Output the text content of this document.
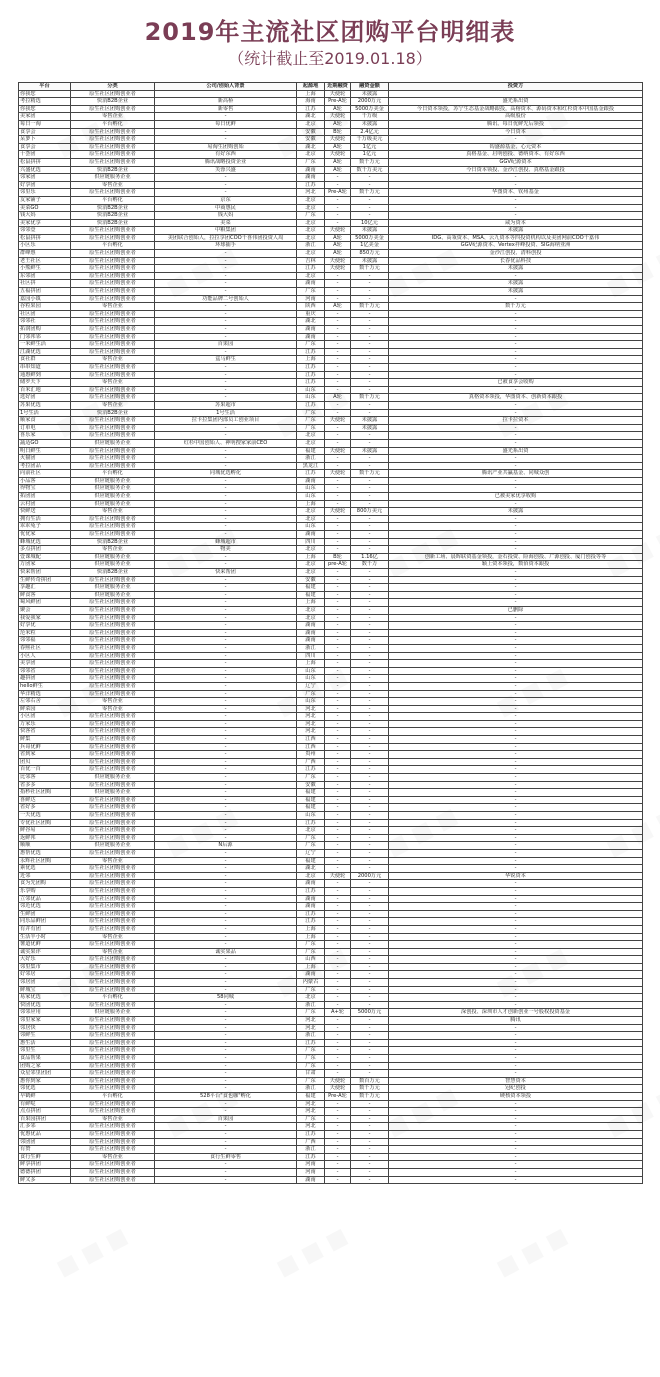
2019年主流社区团购平台明细表
（统计截止至2019.01.18）
平台	分类	公司/创始人背景	起源地	近期融资	融资金额	投资方
你我您	原生社区团购创业者		上海	天使轮	未披露	
考拉精选	快消B2B企业	新高桥	海南	Pre-A轮	2000万元	盛光系出资
你我您	原生社区团购创业者	新零售	江苏	A轮	5000万美金	今日资本领投，苏宁生态基金战略跟投，高榕资本、源码资本和红杉资本中国基金跟投
美家团	零售企业	-	湖北	天使轮	千万级	高级股份
每日一淘	平台孵化	每日优鲜	北京	A轮	未披露	腾讯、每日优鲜先后领投
食享会	原生社区团购创业者	-	安徽	B轮	2.4亿元	今日资本
呆萝卜	原生社区团购创业者	-	安徽	天使轮	千万级美元	-
食享会	原生社区团购创业者	易淘生团购创始	湖北	A轮	1亿元	钩盛源基金、心元资本
十荟团	原生社区团购创业者	有好东西	北京	天使轮	1亿元	真格基金、启明创投、德纳资本、有好东西
松鼠拼拼	原生社区团购创业者	腾讯战略投资企业	广东	A轮	数千万元	GGV纪源资本
兴盛优选	快消B2B企业	芙蓉兴盛	湖南	A轮	数千万美元	今日资本领投、金沙江创投、真格基金跟投
邻家团	供应链服务企业	-	湖南	-	-	-
好享团	零售企业	-	江苏	-	-	-
邻里乐	原生社区团购创业者	-	河北	Pre-A轮	数千万元	华图资本、钦州基金
友家铺子	平台孵化	京东	北京	-	-	-
美菜GO	快消B2B企业	中商惠民	北京	-	-	-
钱大妈	快消B2B企业	钱大妈	广东	-	-	-
美家优享	快消B2B企业	美菜	北京	-	10亿元	咸为资本
邻邻壹	原生社区团购创业者	中粮集团	北京	天使轮	未披露	未披露
松鼠拼拼	原生社区团购创业者	美团联合创始人，拉拉享团COO千喜伟团投资人周	北京	A轮	5000万美金	IDG、高瓴资本、MSA、云九资本等四投资机构以及美团网前COO干嘉伟
小区乐	平台孵化	环球捕手	浙江	A轮	1亿美金	GGV纪源资本、Vertex祥峰投资、SIG海纳亚洲
群峰惠	原生社区团购创业者	-	北京	A轮	850万元	金沙江创投、清科创投
老王社区	原生社区团购创业者	-	吉林	天使轮	未披露	长春优品科技
小熊鲜生	原生社区团购创业者	-	江苏	天使轮	数千万元	未披露
东邻团	原生社区团购创业者	-	北京	-	-	-
社区拼	原生社区团购创业者	-	湖南	-	-	未披露
五福拼团	原生社区团购创业者	-	广东	-	-	未披露
嘉园小镇	原生社区团购创业者	功能品牌二号创始人	河南	-	-	-
谷粒果园	零售企业	-	陕西	A轮	数千万元	数千万元
社区团	原生社区团购创业者	-	重庆	-	-	-
邻邻社	原生社区团购创业者	-	湖北	-	-	-
拓润团购	原生社区团购创业者	-	湖南	-	-	-
门邻邦邻	原生社区团购创业者	-	湖南	-	-	-
一米鲜生活	原生社区团购创业者	百果园	广东	-	-	-
江湖优选	原生社区团购创业者	-	江苏	-	-	-
食社群	零售企业	盒马鲜生	上海	-	-	-
串串知道	原生社区团购创业者	-	江苏	-	-	-
通惠鲜到	原生社区团购创业者	-	江苏	-	-	-
储罗天下	零售企业	-	江苏	-	-	已被食享会收购
百米汇地	原生社区团购创业者	-	山东	-	-	-
选好团	原生社区团购创业者	-	山东	A轮	数千万元	真格资本领投，华图资本、创新资本跟投
苏果优选	零售企业	苏果超市	江苏	-	-	-
1号生活	快消B2B企业	1号生活	广东	-	-	-
顺家食	原生社区团购创业者	拉卡拉集团内部员工创业项目	广东	天使轮	未披露	拉卡拉资本
订单电	原生社区团购创业者	-	广东	-	未披露	-
喜乐家	原生社区团购创业者	-	北京	-	-	-
蔬适GO	供应链服务企业	红杉中国创始人、神明搜家家前CEO	北京	-	-	-
明日鲜生	原生社区团购创业者	-	福建	天使轮	未披露	盛光系出资
火猫团	原生社区团购创业者	-	浙江	-	-	-
考拉团品	原生社区团购创业者	-	黑龙江	-	-	-
向前社区	平台孵化	同城优选孵化	江苏	天使轮	数千万元	腾讯产业共赢基金、同城众创
小品客	供应链服务企业	-	湖南	-	-	-
得物宝	供应链服务企业	-	山东	-	-	-
拓团团	供应链服务企业	-	山东	-	-	已被美家优享收购
云村团	供应链服务企业	-	上海	-	-	-
快鲜送	零售企业	-	北京	天使轮	800万美元	未披露
拥有生活	原生社区团购创业者	-	北京	-	-	-
乖乖兔子	原生社区团购创业者	-	山东	-	-	-
优优家	原生社区团购创业者	-	湖南	-	-	-
蜂城优选	快消B2B企业	蜂城超市	四川	-	-	-
多点拼团	零售企业	物美	北京	-	-	-
壹课城配	供应链服务企业	-	上海	B轮	1.16亿	创新工场、晨晖联资基金领投，金石投资、险海创投、广源创投、厦门创投等等
万团家	供应链服务企业	-	北京	pre-A轮	数千万	颖上资本领投，数佰资本跟投
快来帮团	快消B2B企业	快来帮团	北京	-	-	-
生鲜传奇拼团	原生社区团购创业者	-	安徽	-	-	-
享趣汇	供应链服务企业	-	福建	-	-	-
鲜食客	供应链服务企业	-	福建	-	-	-
蜀风鲜团	原生社区团购创业者	-	上海	-	-	-
聚会	原生社区团购创业者	-	北京	-	-	已删除
我爱我家	原生社区团购创业者	-	北京	-	-	-
好享优	原生社区团购创业者	-	湖南	-	-	-
范米粒	原生社区团购创业者	-	湖南	-	-	-
邻邻福	原生社区团购创业者	-	湖南	-	-	-
春熙社区	原生社区团购创业者	-	浙江	-	-	-
小区人	原生社区团购创业者	-	四川	-	-	-
美享团	原生社区团购创业者	-	上海	-	-	-
邻邻省	原生社区团购创业者	-	山东	-	-	-
趣拼团	原生社区团购创业者	-	山东	-	-	-
hello鲜生	原生社区团购创业者	-	辽宁	-	-	-
华洋精选	原生社区团购创业者	-	广东	-	-	-
左邻右舍	零售企业	-	山东	-	-	-
鲜菜园	零售企业	-	河北	-	-	-
小区团	原生社区团购创业者	-	河北	-	-	-
万家乐	原生社区团购创业者	-	河北	-	-	-
快客省	原生社区团购创业者	-	河北	-	-	-
鲜集	原生社区团购创业者	-	江西	-	-	-
兵哥优鲜	原生社区团购创业者	-	江西	-	-	-
省到家	原生社区团购创业者	-	贵州	-	-	-
团贝	原生社区团购创业者	-	广西	-	-	-
百优一百	原生社区团购创业者	-	江苏	-	-	-
比邻客	供应链服务企业	-	广东	-	-	-
省多多	原生社区团购创业者	-	安徽	-	-	-
指秒社区团购	供应链服务企业	-	福建	-	-	-
喜鲜达	原生社区团购创业者	-	福建	-	-	-
省好多	原生社区团购创业者	-	福建	-	-	-
一天优选	原生社区团购创业者	-	山东	-	-	-
专优社区团购	原生社区团购创业者	-	江苏	-	-	-
鲜谷易	原生社区团购创业者	-	北京	-	-	-
返鲜邦	原生社区团购创业者	-	广东	-	-	-
顺顺	供应链服务企业	N后源	广东	-	-	-
惠帮优选	原生社区团购创业者	-	辽宁	-	-	-
永辉社区团购	零售企业	-	福建	-	-	-
素优选	原生社区团购创业者	-	湖北	-	-	-
近邻	原生社区团购创业者	-	北京	天使轮	2000万元	华锐资本
食为先团购	原生社区团购创业者	-	湖南	-	-	-
乐享购	原生社区团购创业者	-	江苏	-	-	-
立邻优品	原生社区团购创业者	-	湖南	-	-	-
邻近优选	原生社区团购创业者	-	湖南	-	-	-
生鲜团	原生社区团购创业者	-	江苏	-	-	-
同乐品鲜团	原生社区团购创业者	-	江苏	-	-	-
有并有团	原生社区团购创业者	-	上海	-	-	-
生活半小时	零售企业	-	上海	-	-	-
薯道优鲜	原生社区团购创业者	-	广东	-	-	-
诚实果评	零售企业	诚实果品	广东	-	-	-
大好乐	原生社区团购创业者	-	山西	-	-	-
邻里集市	原生社区团购创业者	-	上海	-	-	-
好邻居	原生社区团购创业者	-	湖南	-	-	-
邻居团	原生社区团购创业者	-	内蒙古	-	-	-
鲜城宝	原生社区团购创业者	-	广东	-	-	-
易家优选	平台孵化	58同城	北京	-	-	-
快团优选	原生社区团购创业者	-	浙江	-	-	-
邻邻应用	供应链服务企业	-	广东	A+轮	5000万元	深创投、深圳市人才创新创业一号股权投资基金
邻里家家	原生社区团购创业者	-	河北	-	-	腾讯
邻居快	原生社区团购创业者	-	河北	-	-	-
邻鲜生	原生社区团购创业者	-	浙江	-	-	-
惠生活	原生社区团购创业者	-	江苏	-	-	-
邻里生	原生社区团购创业者	-	广东	-	-	-
食品帮果	原生社区团购创业者	-	广东	-	-	-
团购之家	原生社区团购创业者	-	广东	-	-	-
众星邻里团团	原生社区团购创业者	-	甘肃	-	-	-
惠你到家	原生社区团购创业者	-	广东	天使轮	数百万元	智慧资本
邻优选	原生社区团购创业者	-	浙江	天使轮	数千万元	冠纪创投
早鹤鲜	平台孵化	528平台"食也咖"孵化	福建	Pre-A轮	数千万元	硬核资本领投
有鲜哒	原生社区团购创业者	-	河北	-	-	-
点点拼团	原生社区团购创业者	-	河北	-	-	-
百果园拼团	零售企业	百果园	广东	-	-	-
汇多邻	原生社区团购创业者	-	河北	-	-	-
优惠优品	原生社区团购创业者	-	江苏	-	-	-
邻团团	原生社区团购创业者	-	广西	-	-	-
有赞	原生社区团购创业者	-	浙江	-	-	-
食行生鲜	零售企业	食行生鲜零售	江苏	-	-	-
鲜享拼团	原生社区团购创业者	-	河南	-	-	-
德德拼团	原生社区团购创业者	-	河南	-	-	-
鲜又多	原生社区团购创业者	-	湖南	-	-	-
